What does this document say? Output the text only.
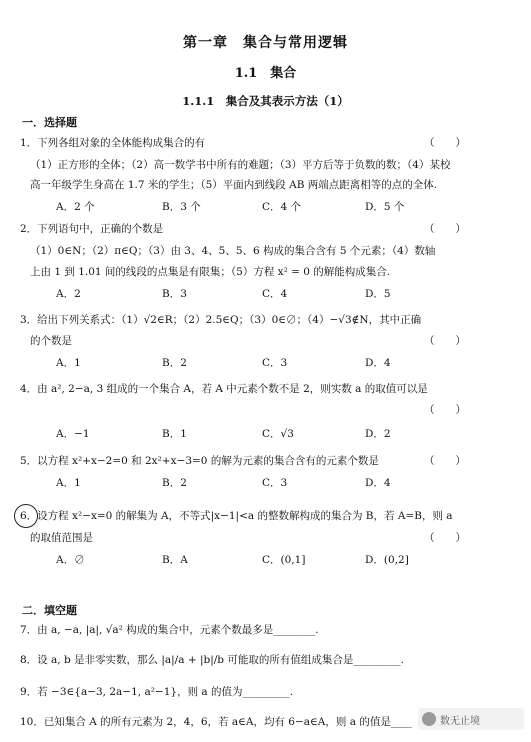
第一章　集合与常用逻辑
1.1　集合
1.1.1　集合及其表示方法（1）
一．选择题
1．下列各组对象的全体能构成集合的有	（　　）
（1）正方形的全体；（2）高一数学书中所有的难题；（3）平方后等于负数的数；（4）某校
高一年级学生身高在 1.7 米的学生；（5）平面内到线段 AB 两端点距离相等的点的全体.
A．2 个	B．3 个	C．4 个	D．5 个
2．下列语句中，正确的个数是	（　　）
（1）0∈N；（2）π∈Q；（3）由 3、4、5、5、6 构成的集合含有 5 个元素；（4）数轴
上由 1 到 1.01 间的线段的点集是有限集；（5）方程 x² = 0 的解能构成集合.
A．2	B．3	C．4	D．5
3．给出下列关系式：（1）√2∈R；（2）2.5∈Q；（3）0∈∅；（4）−√3∉N，其中正确
的个数是	（　　）
A．1	B．2	C．3	D．4
4．由 a², 2−a, 3 组成的一个集合 A，若 A 中元素个数不是 2，则实数 a 的取值可以是
（　　）
A．−1	B．1	C．√3	D．2
5．以方程 x²+x−2=0 和 2x²+x−3=0 的解为元素的集合含有的元素个数是	（　　）
A．1	B．2	C．3	D．4
6．设方程 x²−x=0 的解集为 A，不等式|x−1|<a 的整数解构成的集合为 B，若 A=B，则 a
的取值范围是	（　　）
A．∅	B．A	C．(0,1]	D．(0,2]
二．填空题
7．由 a, −a, |a|, √a² 构成的集合中，元素个数最多是________.
8．设 a, b 是非零实数，那么 |a|/a + |b|/b 可能取的所有值组成集合是_________.
9．若 −3∈{a−3, 2a−1, a²−1}，则 a 的值为_________.
10．已知集合 A 的所有元素为 2，4，6，若 a∈A，均有 6−a∈A，则 a 的值是____	数无止境
